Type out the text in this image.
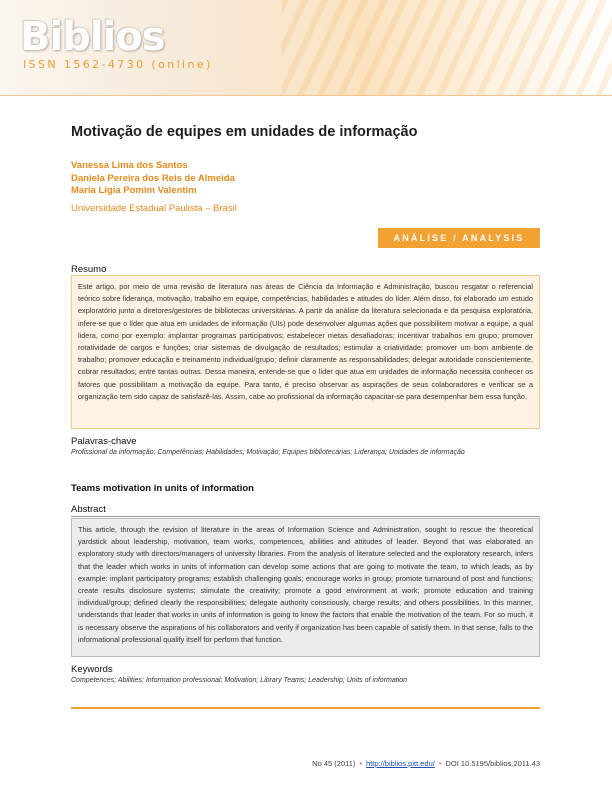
Biblios
ISSN 1562-4730 (online)
Motivação de equipes em unidades de informação
Vanessa Lima dos Santos
Daniela Pereira dos Reis de Almeida
Maria Lígia Pomim Valentim
Universidade Estadual Paulista – Brasil
ANÁLISE / ANALYSIS
Resumo

Este artigo, por meio de uma revisão de literatura nas áreas de Ciência da Informação e Administração, buscou resgatar o referencial teórico sobre liderança, motivação, trabalho em equipe, competências, habilidades e atitudes do líder. Além disso, foi elaborado um estudo exploratório junto a diretores/gestores de bibliotecas universitárias. A partir da análise da literatura selecionada e da pesquisa exploratória, infere-se que o líder que atua em unidades de informação (UIs) pode desenvolver algumas ações que possibilitem motivar a equipe, a qual lidera, como por exemplo: implantar programas participativos; estabelecer metas desafiadoras; incentivar trabalhos em grupo; promover rotatividade de cargos e funções; criar sistemas de divulgação de resultados; estimular a criatividade; promover um bom ambiente de trabalho; promover educação e treinamento individual/grupo; definir claramente as responsabilidades; delegar autoridade conscientemente, cobrar resultados; entre tantas outras. Dessa maneira, entende-se que o líder que atua em unidades de informação necessita conhecer os fatores que possibilitam a motivação da equipe. Para tanto, é preciso observar as aspirações de seus colaboradores e verificar se a organização tem sido capaz de satisfazê-las. Assim, cabe ao profissional da informação capacitar-se para desempenhar bem essa função.

Palavras-chave
Profissional da informação; Competências; Habilidades; Motivação; Equipes bibliotecárias; Liderança; Unidades de informação
Teams motivation in units of information
Abstract

This article, through the revision of literature in the areas of Information Science and Administration, sought to rescue the theoretical yardstick about leadership, motivation, team works, competences, abilities and attitudes of leader. Beyond that was elaborated an exploratory study with directors/managers of university libraries. From the analysis of literature selected and the exploratory research, infers that the leader which works in units of information can develop some actions that are going to motivate the team, to which leads, as by example: implant participatory programs; establish challenging goals; encourage works in group; promote turnaround of post and functions; create results disclosure systems; stimulate the creativity; promote a good environment at work; promote education and training individual/group; defined clearly the responsibilities; delegate authority consciously, charge results; and others possibilities. In this manner, understands that leader that works in units of information is going to know the factors that enable the motivation of the team. For so much, it is necessary observe the aspirations of his collaborators and verify if organization has been capable of satisfy them. In that sense, falls to the informational professional qualify itself for perform that function.

Keywords
Competences; Abilities; Information professional; Motivation; Library Teams; Leadership; Units of information
No 45 (2011) • http://biblios.pitt.edu/ • DOI 10.5195/biblios.2011.43
